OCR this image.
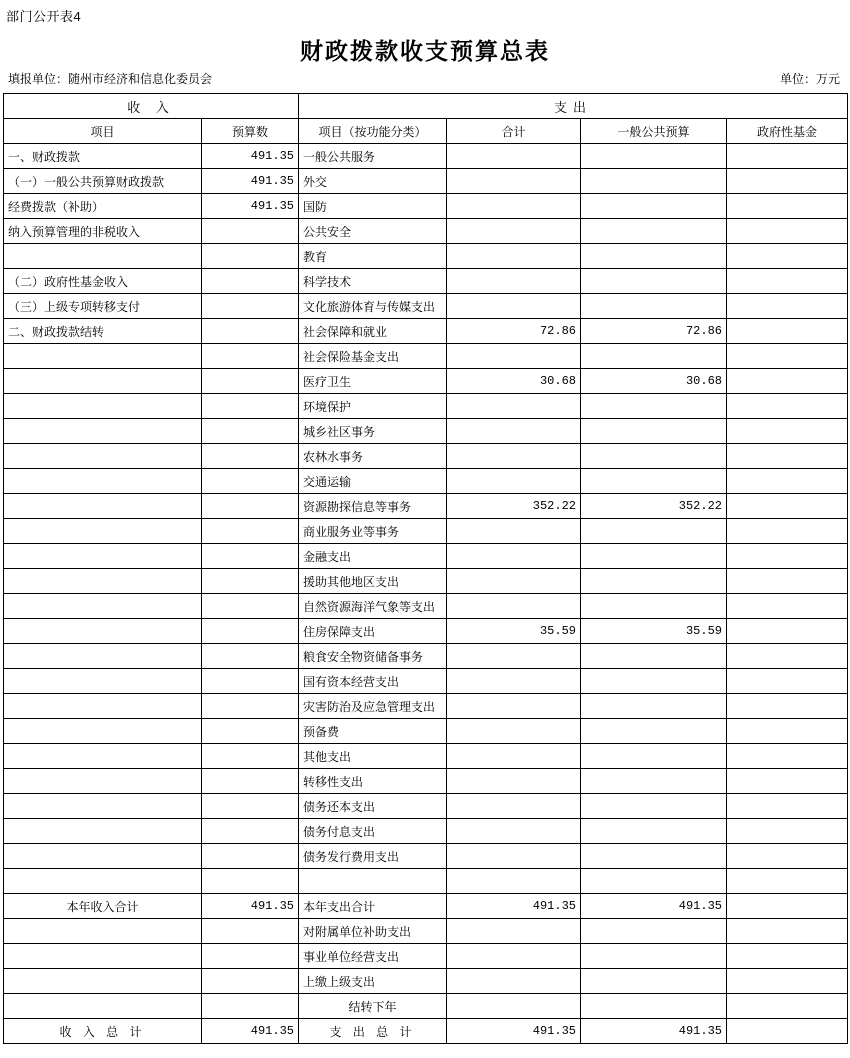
部门公开表4
财政拨款收支预算总表
填报单位：随州市经济和信息化委员会	单位：万元
收 入		支出			
项目	预算数	项目（按功能分类）	合计	一般公共预算	政府性基金
一、财政拨款	491.35	一般公共服务			
（一）一般公共预算财政拨款	491.35	外交			
经费拨款（补助）	491.35	国防			
纳入预算管理的非税收入		公共安全			
		教育			
（二）政府性基金收入		科学技术			
（三）上级专项转移支付		文化旅游体育与传媒支出			
二、财政拨款结转		社会保障和就业	72.86	72.86	
		社会保险基金支出			
		医疗卫生	30.68	30.68	
		环境保护			
		城乡社区事务			
		农林水事务			
		交通运输			
		资源勘探信息等事务	352.22	352.22	
		商业服务业等事务			
		金融支出			
		援助其他地区支出			
		自然资源海洋气象等支出			
		住房保障支出	35.59	35.59	
		粮食安全物资储备事务			
		国有资本经营支出			
		灾害防治及应急管理支出			
		预备费			
		其他支出			
		转移性支出			
		债务还本支出			
		债务付息支出			
		债务发行费用支出			

本年收入合计	491.35	本年支出合计	491.35	491.35	
		对附属单位补助支出			
		事业单位经营支出			
		上缴上级支出			
		结转下年			
收 入 总 计	491.35	支 出 总 计	491.35	491.35	
